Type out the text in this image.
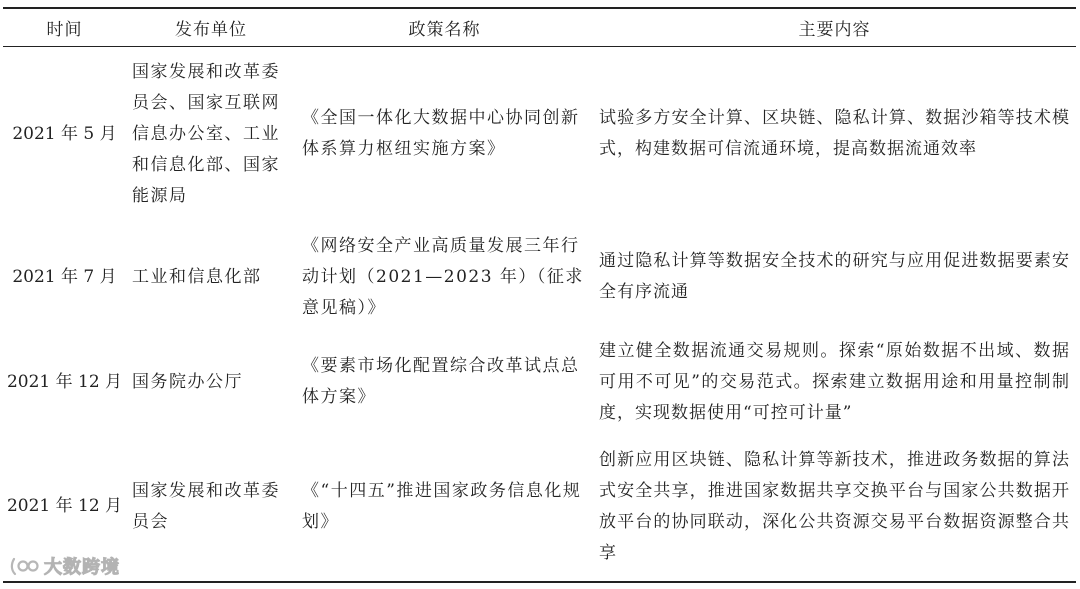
时间	发布单位	政策名称	主要内容
2021 年 5 月	国家发展和改革委员会、国家互联网信息办公室、工业和信息化部、国家能源局	《全国一体化大数据中心协同创新体系算力枢纽实施方案》	试验多方安全计算、区块链、隐私计算、数据沙箱等技术模式，构建数据可信流通环境，提高数据流通效率
2021 年 7 月	工业和信息化部	《网络安全产业高质量发展三年行动计划（2021—2023 年）（征求意见稿）》	通过隐私计算等数据安全技术的研究与应用促进数据要素安全有序流通
2021 年 12 月	国务院办公厅	《要素市场化配置综合改革试点总体方案》	建立健全数据流通交易规则。探索“原始数据不出域、数据可用不可见”的交易范式。探索建立数据用途和用量控制制度，实现数据使用“可控可计量”
2021 年 12 月	国家发展和改革委员会	《“十四五”推进国家政务信息化规划》	创新应用区块链、隐私计算等新技术，推进政务数据的算法式安全共享，推进国家数据共享交换平台与国家公共数据开放平台的协同联动，深化公共资源交易平台数据资源整合共享
大数跨境
